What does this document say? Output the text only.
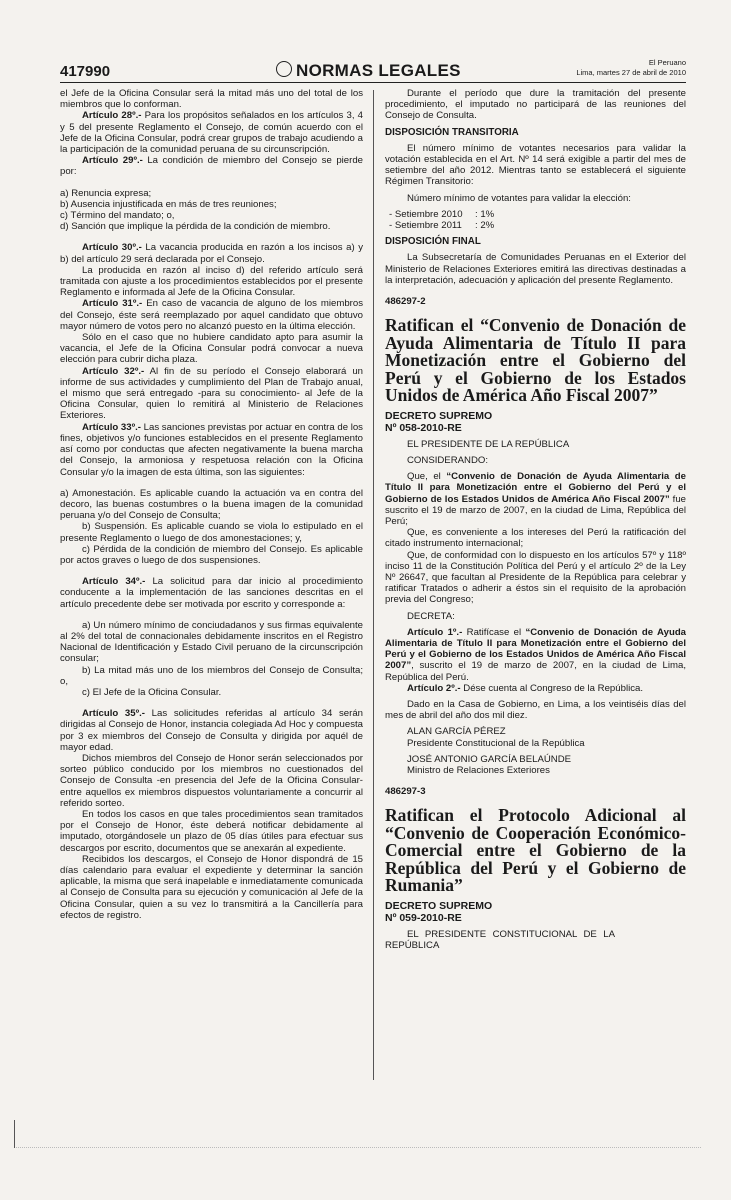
417990	NORMAS LEGALES	El Peruano
Lima, martes 27 de abril de 2010

el Jefe de la Oficina Consular será la mitad más uno del total de los miembros que lo conforman.

Artículo 28º.- Para los propósitos señalados en los artículos 3, 4 y 5 del presente Reglamento el Consejo, de común acuerdo con el Jefe de la Oficina Consular, podrá crear grupos de trabajo acudiendo a la participación de la comunidad peruana de su circunscripción.

Artículo 29º.- La condición de miembro del Consejo se pierde por:

a) Renuncia expresa;

b) Ausencia injustificada en más de tres reuniones;

c) Término del mandato; o,

d) Sanción que implique la pérdida de la condición de miembro.

Artículo 30º.- La vacancia producida en razón a los incisos a) y b) del artículo 29 será declarada por el Consejo.

La producida en razón al inciso d) del referido artículo será tramitada con ajuste a los procedimientos establecidos por el presente Reglamento e informada al Jefe de la Oficina Consular.

Artículo 31º.- En caso de vacancia de alguno de los miembros del Consejo, éste será reemplazado por aquel candidato que obtuvo mayor número de votos pero no alcanzó puesto en la última elección.

Sólo en el caso que no hubiere candidato apto para asumir la vacancia, el Jefe de la Oficina Consular podrá convocar a nueva elección para cubrir dicha plaza.

Artículo 32º.- Al fin de su período el Consejo elaborará un informe de sus actividades y cumplimiento del Plan de Trabajo anual, el mismo que será entregado -para su conocimiento- al Jefe de la Oficina Consular, quien lo remitirá al Ministerio de Relaciones Exteriores.

Artículo 33º.- Las sanciones previstas por actuar en contra de los fines, objetivos y/o funciones establecidos en el presente Reglamento así como por conductas que afecten negativamente la buena marcha del Consejo, la armoniosa y respetuosa relación con la Oficina Consular y/o la imagen de esta última, son las siguientes:

a) Amonestación. Es aplicable cuando la actuación va en contra del decoro, las buenas costumbres o la buena imagen de la comunidad peruana y/o del Consejo de Consulta;

b) Suspensión. Es aplicable cuando se viola lo estipulado en el presente Reglamento o luego de dos amonestaciones; y,

c) Pérdida de la condición de miembro del Consejo. Es aplicable por actos graves o luego de dos suspensiones.

Artículo 34º.- La solicitud para dar inicio al procedimiento conducente a la implementación de las sanciones descritas en el artículo precedente debe ser motivada por escrito y corresponde a:

a) Un número mínimo de conciudadanos y sus firmas equivalente al 2% del total de connacionales debidamente inscritos en el Registro Nacional de Identificación y Estado Civil peruano de la circunscripción consular;

b) La mitad más uno de los miembros del Consejo de Consulta; o,

c) El Jefe de la Oficina Consular.

Artículo 35º.- Las solicitudes referidas al artículo 34 serán dirigidas al Consejo de Honor, instancia colegiada Ad Hoc y compuesta por 3 ex miembros del Consejo de Consulta y dirigida por aquél de mayor edad.

Dichos miembros del Consejo de Honor serán seleccionados por sorteo público conducido por los miembros no cuestionados del Consejo de Consulta -en presencia del Jefe de la Oficina Consular- entre aquellos ex miembros dispuestos voluntariamente a concurrir al referido sorteo.

En todos los casos en que tales procedimientos sean tramitados por el Consejo de Honor, éste deberá notificar debidamente al imputado, otorgándosele un plazo de 05 días útiles para efectuar sus descargos por escrito, documentos que se anexarán al expediente.

Recibidos los descargos, el Consejo de Honor dispondrá de 15 días calendario para evaluar el expediente y determinar la sanción aplicable, la misma que será inapelable e inmediatamente comunicada al Consejo de Consulta para su ejecución y comunicación al Jefe de la Oficina Consular, quien a su vez lo transmitirá a la Cancillería para efectos de registro.

Durante el período que dure la tramitación del presente procedimiento, el imputado no participará de las reuniones del Consejo de Consulta.

DISPOSICIÓN TRANSITORIA

El número mínimo de votantes necesarios para validar la votación establecida en el Art. Nº 14 será exigible a partir del mes de setiembre del año 2012. Mientras tanto se establecerá el siguiente Régimen Transitorio:

Número mínimo de votantes para validar la elección:

- Setiembre 2010	: 1%
- Setiembre 2011	: 2%

DISPOSICIÓN FINAL

La Subsecretaría de Comunidades Peruanas en el Exterior del Ministerio de Relaciones Exteriores emitirá las directivas destinadas a la interpretación, adecuación y aplicación del presente Reglamento.

486297-2

Ratifican el “Convenio de Donación de Ayuda Alimentaria de Título II para Monetización entre el Gobierno del Perú y el Gobierno de los Estados Unidos de América Año Fiscal 2007”

DECRETO SUPREMO

Nº 058-2010-RE

EL PRESIDENTE DE LA REPÚBLICA

CONSIDERANDO:

Que, el “Convenio de Donación de Ayuda Alimentaria de Título II para Monetización entre el Gobierno del Perú y el Gobierno de los Estados Unidos de América Año Fiscal 2007” fue suscrito el 19 de marzo de 2007, en la ciudad de Lima, República del Perú;

Que, es conveniente a los intereses del Perú la ratificación del citado instrumento internacional;

Que, de conformidad con lo dispuesto en los artículos 57º y 118º inciso 11 de la Constitución Política del Perú y el artículo 2º de la Ley Nº 26647, que facultan al Presidente de la República para celebrar y ratificar Tratados o adherir a éstos sin el requisito de la aprobación previa del Congreso;

DECRETA:

Artículo 1º.- Ratifícase el “Convenio de Donación de Ayuda Alimentaria de Título II para Monetización entre el Gobierno del Perú y el Gobierno de los Estados Unidos de América Año Fiscal 2007”, suscrito el 19 de marzo de 2007, en la ciudad de Lima, República del Perú.

Artículo 2º.- Dése cuenta al Congreso de la República.

Dado en la Casa de Gobierno, en Lima, a los veintiséis días del mes de abril del año dos mil diez.

ALAN GARCÍA PÉREZ

Presidente Constitucional de la República

JOSÉ ANTONIO GARCÍA BELAÚNDE

Ministro de Relaciones Exteriores

486297-3

Ratifican el Protocolo Adicional al “Convenio de Cooperación Económico-Comercial entre el Gobierno de la República del Perú y el Gobierno de Rumania”

DECRETO SUPREMO

Nº 059-2010-RE

EL PRESIDENTE CONSTITUCIONAL DE LA REPÚBLICA
